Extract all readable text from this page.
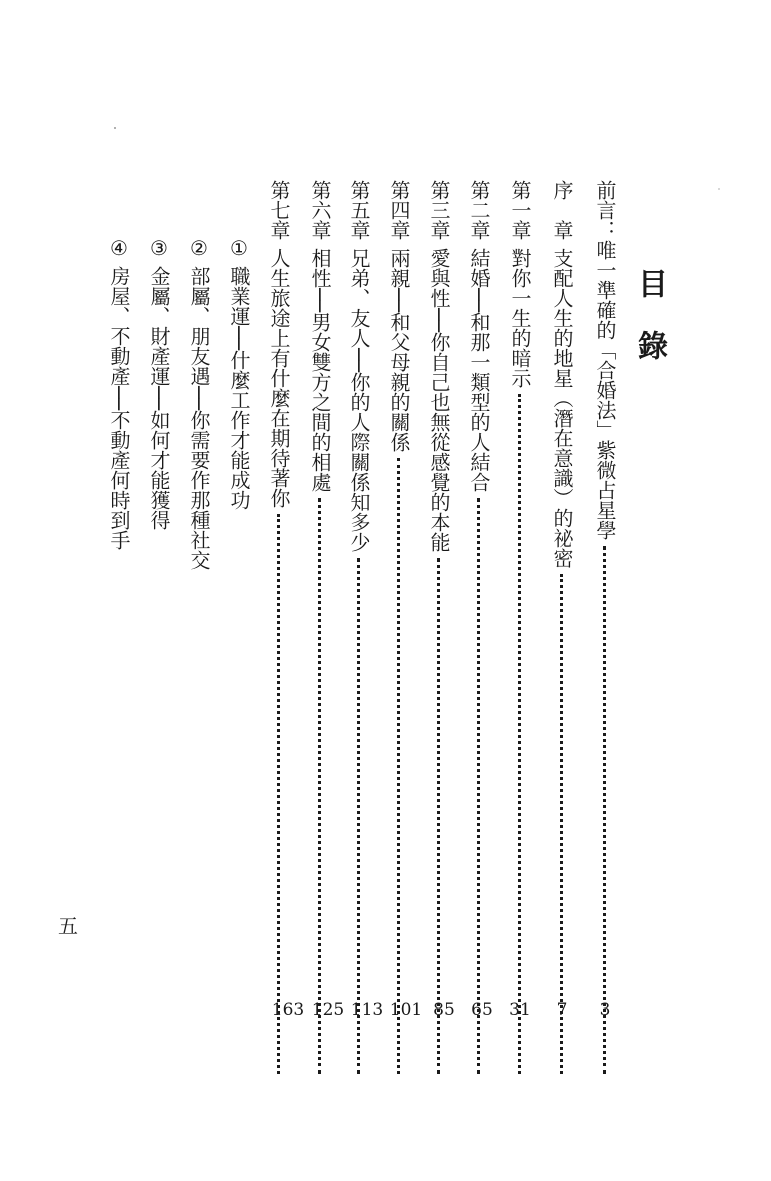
目錄
前言
：唯一準確的「合婚法」紫微占星學
3
序　章
支配人生的地星（潛在意識）的祕密
7
第一章
對你一生的暗示
31
第二章
結婚──和那一類型的人結合
65
第三章
愛與性──你自己也無從感覺的本能
85
第四章
兩親──和父母親的關係
101
第五章
兄弟、友人──你的人際關係知多少
113
第六章
相性──男女雙方之間的相處
125
第七章
人生旅途上有什麼在期待著你
163
①
職業運──什麼工作才能成功
②
部屬、朋友遇──你需要作那種社交
③
金屬、財產運──如何才能獲得
④
房屋、不動產──不動產何時到手
五
